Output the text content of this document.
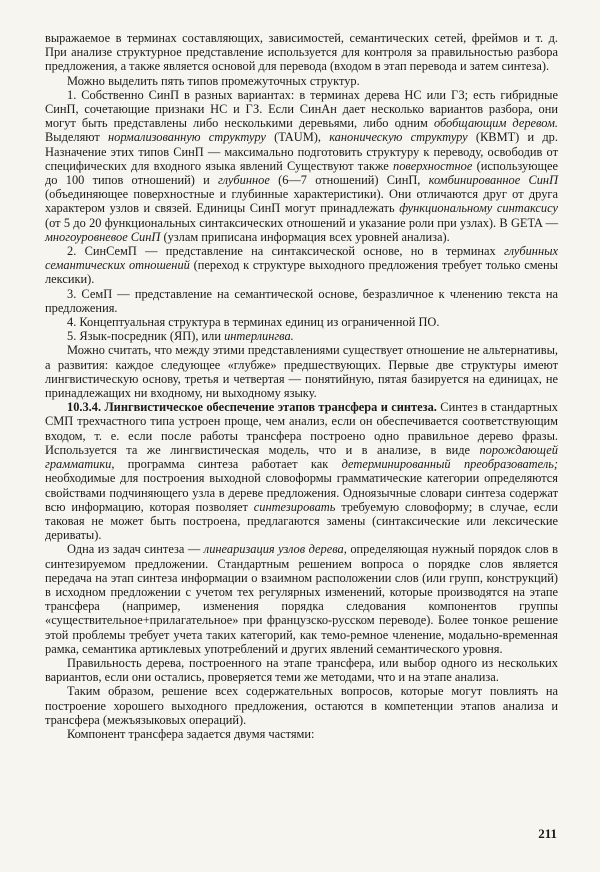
выражаемое в терминах составляющих, зависимостей, семантических сетей, фреймов и т. д. При анализе структурное представление используется для контроля за правильностью разбора предложения, а также является основой для перевода (входом в этап перевода и затем синтеза).

Можно выделить пять типов промежуточных структур.

1. Собственно СинП в разных вариантах: в терминах дерева НС или ГЗ; есть гибридные СинП, сочетающие признаки НС и ГЗ. Если СинАн дает несколько вариантов разбора, они могут быть представлены либо несколькими деревьями, либо одним обобщающим деревом. Выделяют нормализованную структуру (TAUM), каноническую структуру (КВМТ) и др. Назначение этих типов СинП — максимально подготовить структуру к переводу, освободив от специфических для входного языка явлений Существуют также поверхностное (использующее до 100 типов отношений) и глубинное (6—7 отношений) СинП, комбинированное СинП (объединяющее поверхностные и глубинные характеристики). Они отличаются друг от друга характером узлов и связей. Единицы СинП могут принадлежать функциональному синтаксису (от 5 до 20 функциональных синтаксических отношений и указание роли при узлах). В GETA — многоуровневое СинП (узлам приписана информация всех уровней анализа).

2. СинСемП — представление на синтаксической основе, но в терминах глубинных семантических отношений (переход к структуре выходного предложения требует только смены лексики).

3. СемП — представление на семантической основе, безразличное к членению текста на предложения.

4. Концептуальная структура в терминах единиц из ограниченной ПО.

5. Язык-посредник (ЯП), или интерлингва.

Можно считать, что между этими представлениями существует отношение не альтернативы, а развития: каждое следующее «глубже» предшествующих. Первые две структуры имеют лингвистическую основу, третья и четвертая — понятийную, пятая базируется на единицах, не принадлежащих ни входному, ни выходному языку.

10.3.4. Лингвистическое обеспечение этапов трансфера и синтеза. Синтез в стандартных СМП трехчастного типа устроен проще, чем анализ, если он обеспечивается соответствующим входом, т. е. если после работы трансфера построено одно правильное дерево фразы. Используется та же лингвистическая модель, что и в анализе, в виде порождающей грамматики, программа синтеза работает как детерминированный преобразователь; необходимые для построения выходной словоформы грамматические категории определяются свойствами подчиняющего узла в дереве предложения. Одноязычные словари синтеза содержат всю информацию, которая позволяет синтезировать требуемую словоформу; в случае, если таковая не может быть построена, предлагаются замены (синтаксические или лексические дериваты).

Одна из задач синтеза — линеаризация узлов дерева, определяющая нужный порядок слов в синтезируемом предложении. Стандартным решением вопроса о порядке слов является передача на этап синтеза информации о взаимном расположении слов (или групп, конструкций) в исходном предложении с учетом тех регулярных изменений, которые производятся на этапе трансфера (например, изменения порядка следования компонентов группы «существительное+прилагательное» при французско-русском переводе). Более тонкое решение этой проблемы требует учета таких категорий, как темо-ремное членение, модально-временная рамка, семантика артиклевых употреблений и других явлений семантического уровня.

Правильность дерева, построенного на этапе трансфера, или выбор одного из нескольких вариантов, если они остались, проверяется теми же методами, что и на этапе анализа.

Таким образом, решение всех содержательных вопросов, которые могут повлиять на построение хорошего выходного предложения, остаются в компетенции этапов анализа и трансфера (межъязыковых операций).

Компонент трансфера задается двумя частями:

211
